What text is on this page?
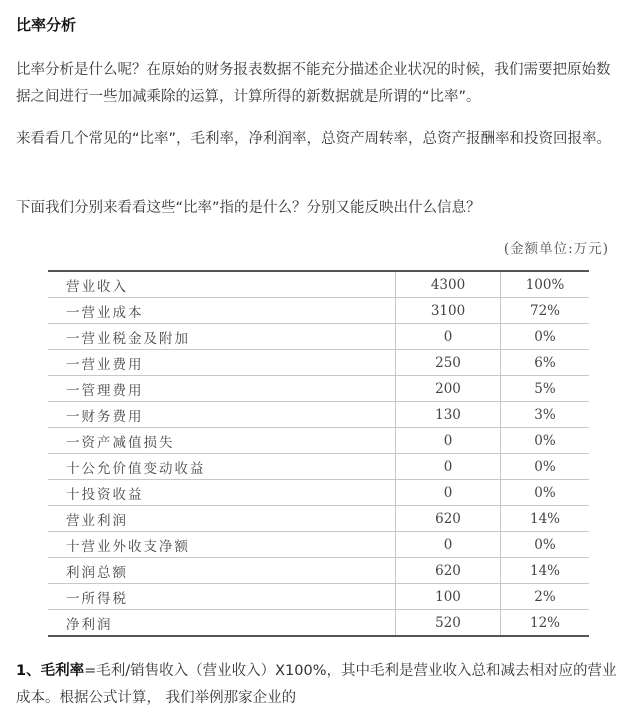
比率分析
比率分析是什么呢？在原始的财务报表数据不能充分描述企业状况的时候，我们需要把原始数据之间进行一些加减乘除的运算，计算所得的新数据就是所谓的“比率”。
来看看几个常见的“比率”，毛利率，净利润率，总资产周转率，总资产报酬率和投资回报率。
下面我们分别来看看这些“比率”指的是什么？分别又能反映出什么信息？
(金额单位:万元)
营业收入	4300	100%
一营业成本	3100	72%
一营业税金及附加	0	0%
一营业费用	250	6%
一管理费用	200	5%
一财务费用	130	3%
一资产减值损失	0	0%
十公允价值变动收益	0	0%
十投资收益	0	0%
营业利润	620	14%
十营业外收支净额	0	0%
利润总额	620	14%
一所得税	100	2%
净利润	520	12%
1、毛利率=毛利/销售收入（营业收入）X100%，其中毛利是营业收入总和减去相对应的营业成本。根据公式计算， 我们举例那家企业的
